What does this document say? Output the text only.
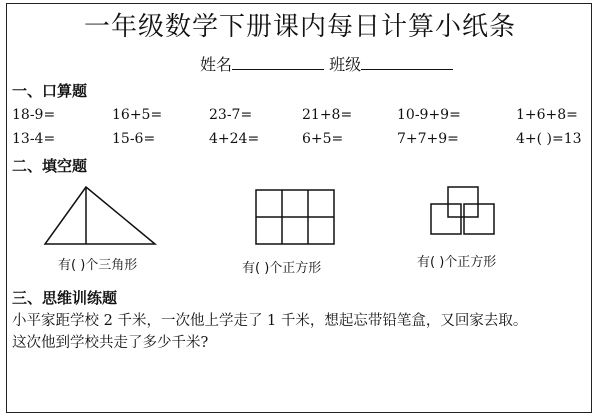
一年级数学下册课内每日计算小纸条
姓名	班级
一、口算题
18-9=	16+5=	23-7=	21+8=	10-9+9=	1+6+8=
13-4=	15-6=	4+24=	6+5=	7+7+9=	4+( )=13
二、填空题
有( )个三角形	有( )个正方形	有( )个正方形
三、思维训练题
小平家距学校 2 千米，一次他上学走了 1 千米，想起忘带铅笔盒，又回家去取。
这次他到学校共走了多少千米?
